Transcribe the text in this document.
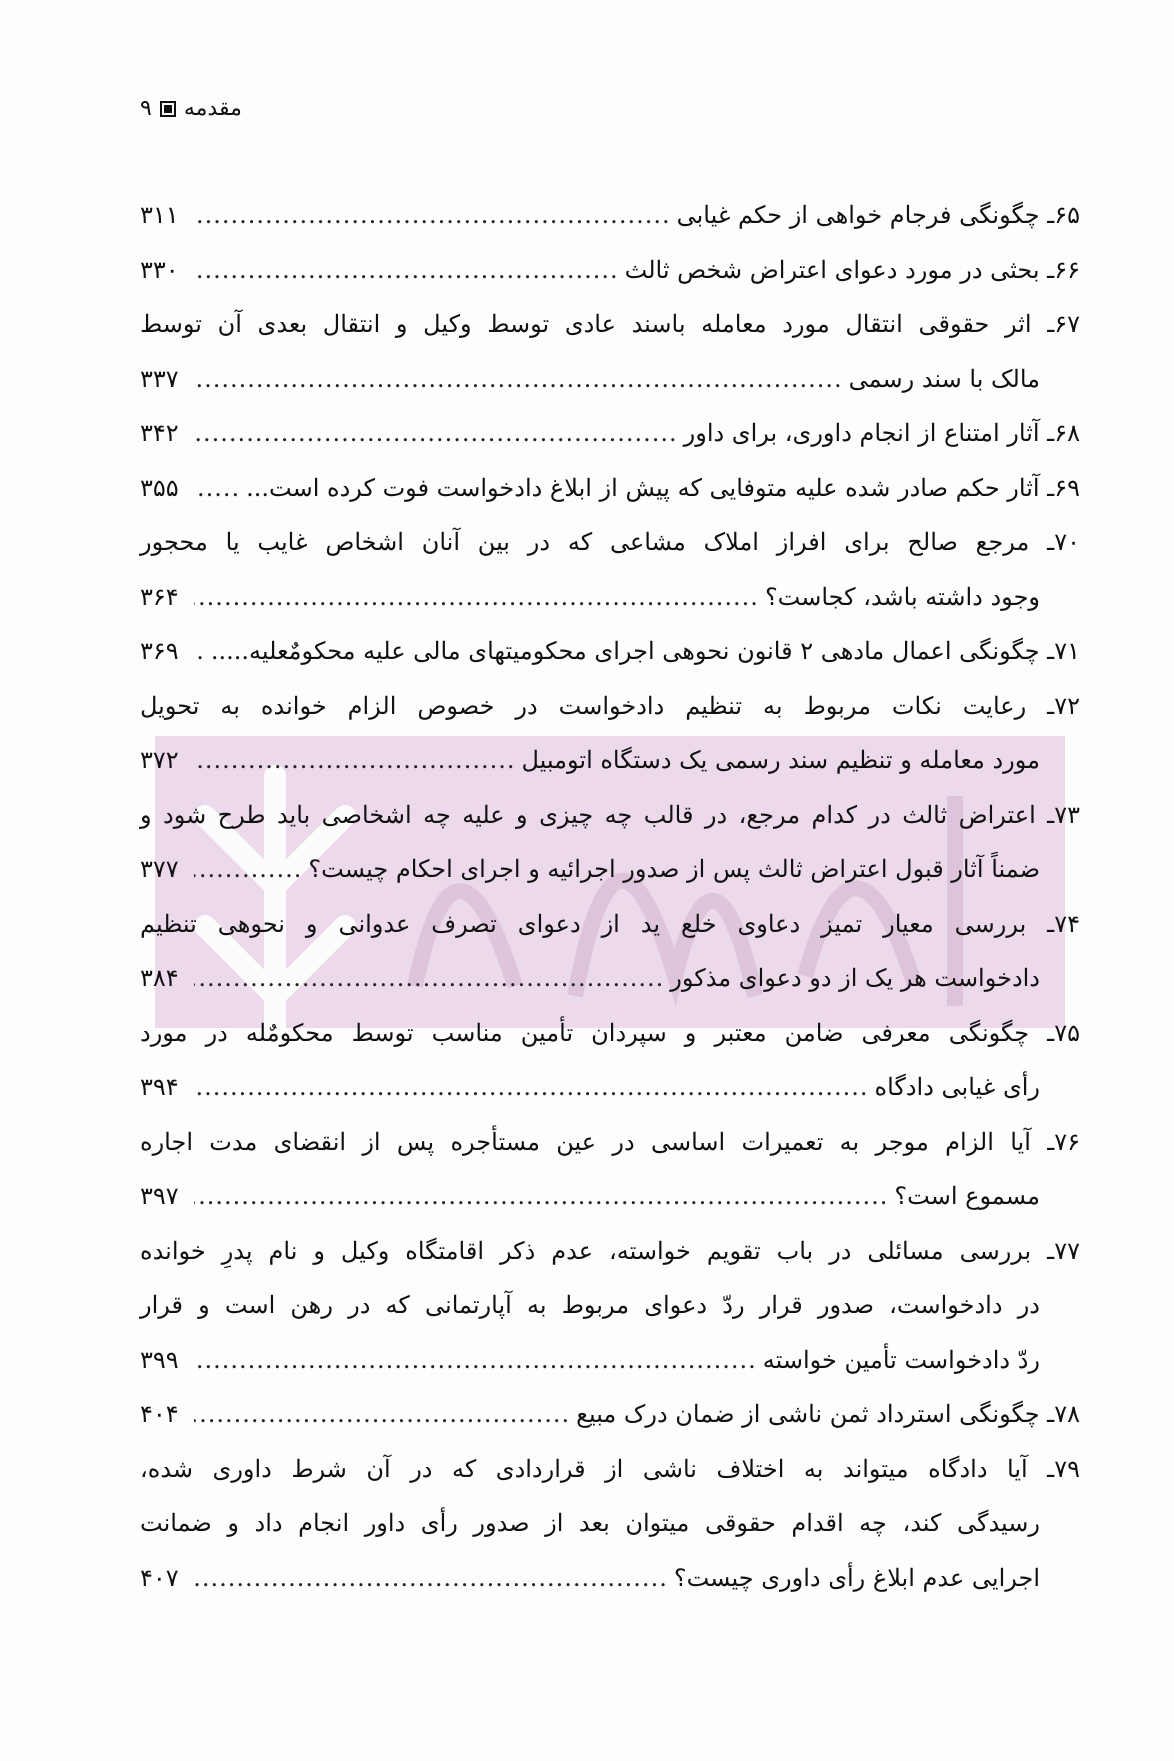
مقدمه
۹
۶۵ـ چگونگی فرجام خواهی از حکم غیابی
.....
۳۱۱
۶۶ـ بحثی در مورد دعوای اعتراض شخص ثالث
.....
۳۳۰
۶۷ـ اثر حقوقی انتقال مورد معامله باسند عادی توسط وکیل و انتقال بعدی آن توسط
مالک با سند رسمی
.....
۳۳۷
۶۸ـ آثار امتناع از انجام داوری، برای داور
.....
۳۴۲
۶۹ـ آثار حکم صادر شده علیه متوفایی که پیش از ابلاغ دادخواست فوت کرده است...
.....
۳۵۵
۷۰ـ مرجع صالح برای افراز املاک مشاعی که در بین آنان اشخاص غایب یا محجور
وجود داشته باشد، کجاست؟
.....
۳۶۴
۷۱ـ چگونگی اعمال مادهی ۲ قانون نحوهی اجرای محکومیتهای مالی علیه محکومٌعلیه.....
.....
۳۶۹
۷۲ـ رعایت نکات مربوط به تنظیم دادخواست در خصوص الزام خوانده به تحویل
مورد معامله و تنظیم سند رسمی یک دستگاه اتومبیل
.....
۳۷۲
۷۳ـ اعتراض ثالث در کدام مرجع، در قالب چه چیزی و علیه چه اشخاصی باید طرح شود و
ضمناً آثار قبول اعتراض ثالث پس از صدور اجرائیه و اجرای احکام چیست؟
.....
۳۷۷
۷۴ـ بررسی معیار تمیز دعاوی خلع ید از دعوای تصرف عدوانی و نحوهی تنظیم
دادخواست هر یک از دو دعوای مذکور
.....
۳۸۴
۷۵ـ چگونگی معرفی ضامن معتبر و سپردان تأمین مناسب توسط محکومٌله در مورد
رأی غیابی دادگاه
.....
۳۹۴
۷۶ـ آیا الزام موجر به تعمیرات اساسی در عین مستأجره پس از انقضای مدت اجاره
مسموع است؟
.....
۳۹۷
۷۷ـ بررسی مسائلی در باب تقویم خواسته، عدم ذکر اقامتگاه وکیل و نام پدرِ خوانده
در دادخواست، صدور قرار ردّ دعوای مربوط به آپارتمانی که در رهن است و قرار
ردّ دادخواست تأمین خواسته
.....
۳۹۹
۷۸ـ چگونگی استرداد ثمن ناشی از ضمان درک مبیع
.....
۴۰۴
۷۹ـ آیا دادگاه میتواند به اختلاف ناشی از قراردادی که در آن شرط داوری شده،
رسیدگی کند، چه اقدام حقوقی میتوان بعد از صدور رأی داور انجام داد و ضمانت
اجرایی عدم ابلاغ رأی داوری چیست؟
.....
۴۰۷
